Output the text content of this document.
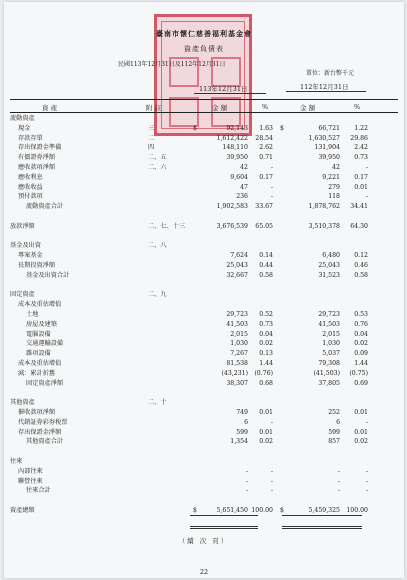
臺南市懷仁慈善福利基金會
資產負債表
民國113年12月31日及112年12月31日
單位：新台幣千元
113年12月31日	112年12月31日
資 產	附 註	金 額	%	金 額	%
流動資產
現金	三	$	92,143	1.63 $	66,721	1.22
存款存單	二	1,612,422	28.54	1,630,527	29.86
存出保證金準備	四	148,110	2.62	131,904	2.42
有價證券淨額	二、五	39,950	0.71	39,950	0.73
應收款項淨額	二、六	42	-	42	-
應收利息	9,604	0.17	9,221	0.17
應收收益	47	-	279	0.01
預付款項	236	-	118	-
流動資產合計	1,902,583	33.67	1,878,762	34.41
放款淨額	二、七、十三	3,676,539	65.05	3,510,378	64.30
基金及出資	二、八
專案基金	7,624	0.14	6,480	0.12
長期投資淨額	25,043	0.44	25,043	0.46
基金及出資合計	32,667	0.58	31,523	0.58
固定資產	二、九
成本及重估增值
土地	29,723	0.52	29,723	0.53
房屋及建築	41,503	0.73	41,503	0.76
電腦設備	2,015	0.04	2,015	0.04
交通運輸設備	1,030	0.02	1,030	0.02
雜項設備	7,267	0.13	5,037	0.09
成本及重估增值	81,538	1.44	79,308	1.44
減：累計折舊	(43,231)	(0.76)	(41,503)	(0.75)
固定資產淨額	38,307	0.68	37,805	0.69
其他資產	二、十
催收款項淨額	749	0.01	252	0.01
代銷証券彩券稅票	6	-	6	-
存出保證金淨額	599	0.01	599	0.01
其他資產合計	1,354	0.02	857	0.02
往來
內部往來	-	-	-	-
聯營往來	-	-	-	-
往來合計	-	-	-	-
資產總額	$	5,651,450 100.00 $	5,459,325 100.00
（續 次 頁）
22
